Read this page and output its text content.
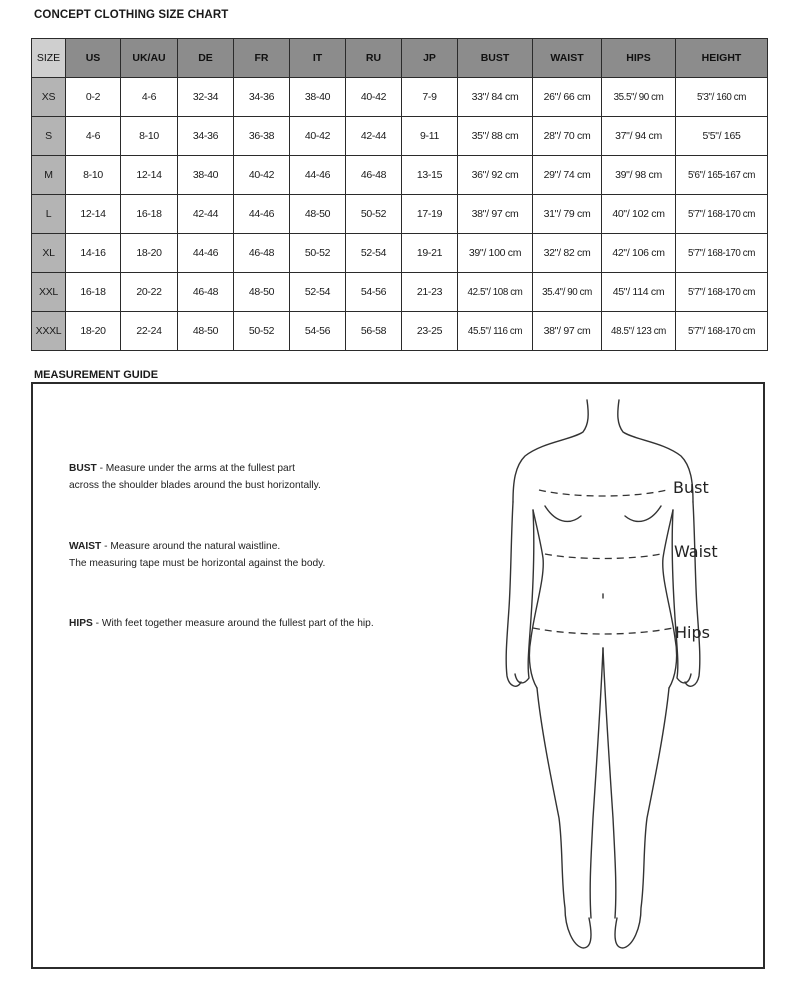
CONCEPT CLOTHING SIZE CHART
SIZE	US	UK/AU	DE	FR	IT	RU	JP	BUST	WAIST	HIPS	HEIGHT
XS	0-2	4-6	32-34	34-36	38-40	40-42	7-9	33"/ 84 cm	26"/ 66 cm	35.5"/ 90 cm	5'3"/ 160 cm
S	4-6	8-10	34-36	36-38	40-42	42-44	9-11	35"/ 88 cm	28"/ 70 cm	37"/ 94 cm	5'5"/ 165
M	8-10	12-14	38-40	40-42	44-46	46-48	13-15	36"/ 92 cm	29"/ 74 cm	39"/ 98 cm	5'6"/ 165-167 cm
L	12-14	16-18	42-44	44-46	48-50	50-52	17-19	38"/ 97 cm	31"/ 79 cm	40"/ 102 cm	5'7"/ 168-170 cm
XL	14-16	18-20	44-46	46-48	50-52	52-54	19-21	39"/ 100 cm	32"/ 82 cm	42"/ 106 cm	5'7"/ 168-170 cm
XXL	16-18	20-22	46-48	48-50	52-54	54-56	21-23	42.5"/ 108 cm	35.4"/ 90 cm	45"/ 114 cm	5'7"/ 168-170 cm
XXXL	18-20	22-24	48-50	50-52	54-56	56-58	23-25	45.5"/ 116 cm	38"/ 97 cm	48.5"/ 123 cm	5'7"/ 168-170 cm
MEASUREMENT GUIDE
BUST - Measure under the arms at the fullest part
across the shoulder blades around the bust horizontally.
WAIST - Measure around the natural waistline.
The measuring tape must be horizontal against the body.
HIPS - With feet together measure around the fullest part of the hip.
Bust
Waist
Hips
